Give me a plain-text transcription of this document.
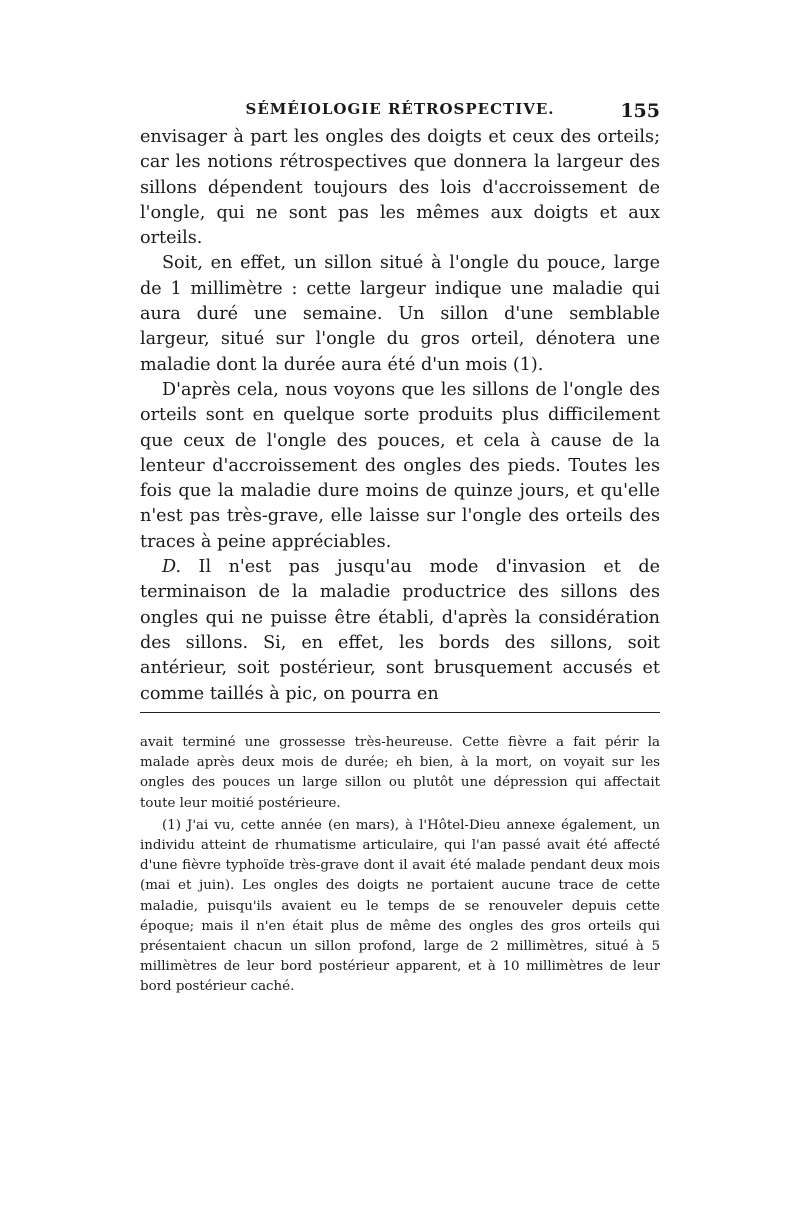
SÉMÉIOLOGIE RÉTROSPECTIVE.	155

envisager à part les ongles des doigts et ceux des orteils; car les notions rétrospectives que donnera la largeur des sillons dépendent toujours des lois d'accroissement de l'ongle, qui ne sont pas les mêmes aux doigts et aux orteils.

Soit, en effet, un sillon situé à l'ongle du pouce, large de 1 millimètre : cette largeur indique une maladie qui aura duré une semaine. Un sillon d'une semblable largeur, situé sur l'ongle du gros orteil, dénotera une maladie dont la durée aura été d'un mois (1).

D'après cela, nous voyons que les sillons de l'ongle des orteils sont en quelque sorte produits plus difficilement que ceux de l'ongle des pouces, et cela à cause de la lenteur d'accroissement des ongles des pieds. Toutes les fois que la maladie dure moins de quinze jours, et qu'elle n'est pas très-grave, elle laisse sur l'ongle des orteils des traces à peine appréciables.

D. Il n'est pas jusqu'au mode d'invasion et de terminaison de la maladie productrice des sillons des ongles qui ne puisse être établi, d'après la considération des sillons. Si, en effet, les bords des sillons, soit antérieur, soit postérieur, sont brusquement accusés et comme taillés à pic, on pourra en

avait terminé une grossesse très-heureuse. Cette fièvre a fait périr la malade après deux mois de durée; eh bien, à la mort, on voyait sur les ongles des pouces un large sillon ou plutôt une dépression qui affectait toute leur moitié postérieure.

(1) J'ai vu, cette année (en mars), à l'Hôtel-Dieu annexe également, un individu atteint de rhumatisme articulaire, qui l'an passé avait été affecté d'une fièvre typhoïde très-grave dont il avait été malade pendant deux mois (mai et juin). Les ongles des doigts ne portaient aucune trace de cette maladie, puisqu'ils avaient eu le temps de se renouveler depuis cette époque; mais il n'en était plus de même des ongles des gros orteils qui présentaient chacun un sillon profond, large de 2 millimètres, situé à 5 millimètres de leur bord postérieur apparent, et à 10 millimètres de leur bord postérieur caché.
